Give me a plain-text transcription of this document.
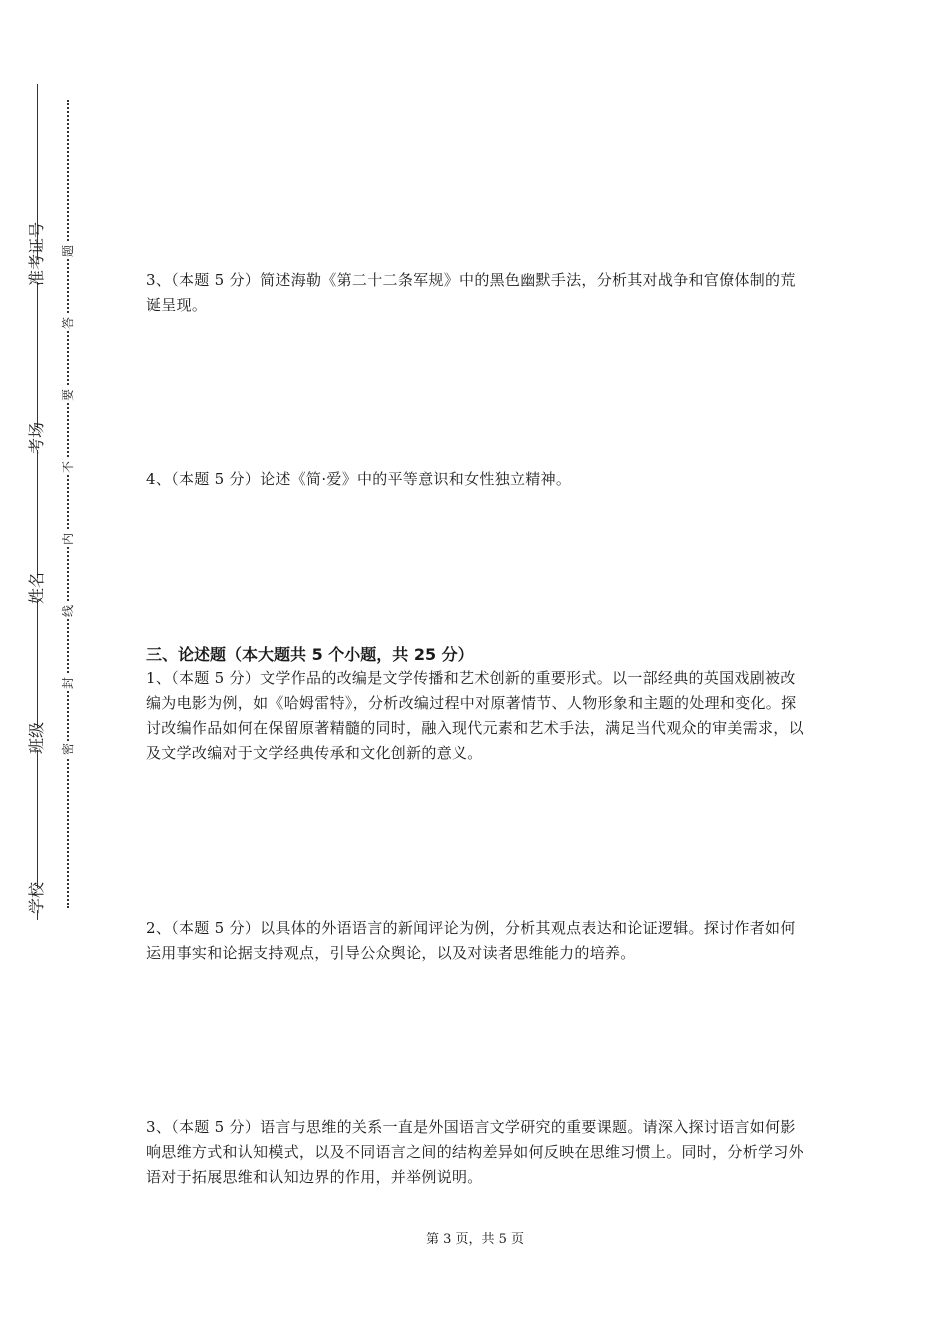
准考证号
考场
姓名
班级
学校
题
答
要
不
内
线
封
密

3、（本题 5 分）简述海勒《第二十二条军规》中的黑色幽默手法，分析其对战争和官僚体制的荒诞呈现。

4、（本题 5 分）论述《简·爱》中的平等意识和女性独立精神。

三、论述题（本大题共 5 个小题，共 25 分）

1、（本题 5 分）文学作品的改编是文学传播和艺术创新的重要形式。以一部经典的英国戏剧被改编为电影为例，如《哈姆雷特》，分析改编过程中对原著情节、人物形象和主题的处理和变化。探讨改编作品如何在保留原著精髓的同时，融入现代元素和艺术手法，满足当代观众的审美需求，以及文学改编对于文学经典传承和文化创新的意义。

2、（本题 5 分）以具体的外语语言的新闻评论为例，分析其观点表达和论证逻辑。探讨作者如何运用事实和论据支持观点，引导公众舆论，以及对读者思维能力的培养。

3、（本题 5 分）语言与思维的关系一直是外国语言文学研究的重要课题。请深入探讨语言如何影响思维方式和认知模式，以及不同语言之间的结构差异如何反映在思维习惯上。同时，分析学习外语对于拓展思维和认知边界的作用，并举例说明。

第 3 页，共 5 页
